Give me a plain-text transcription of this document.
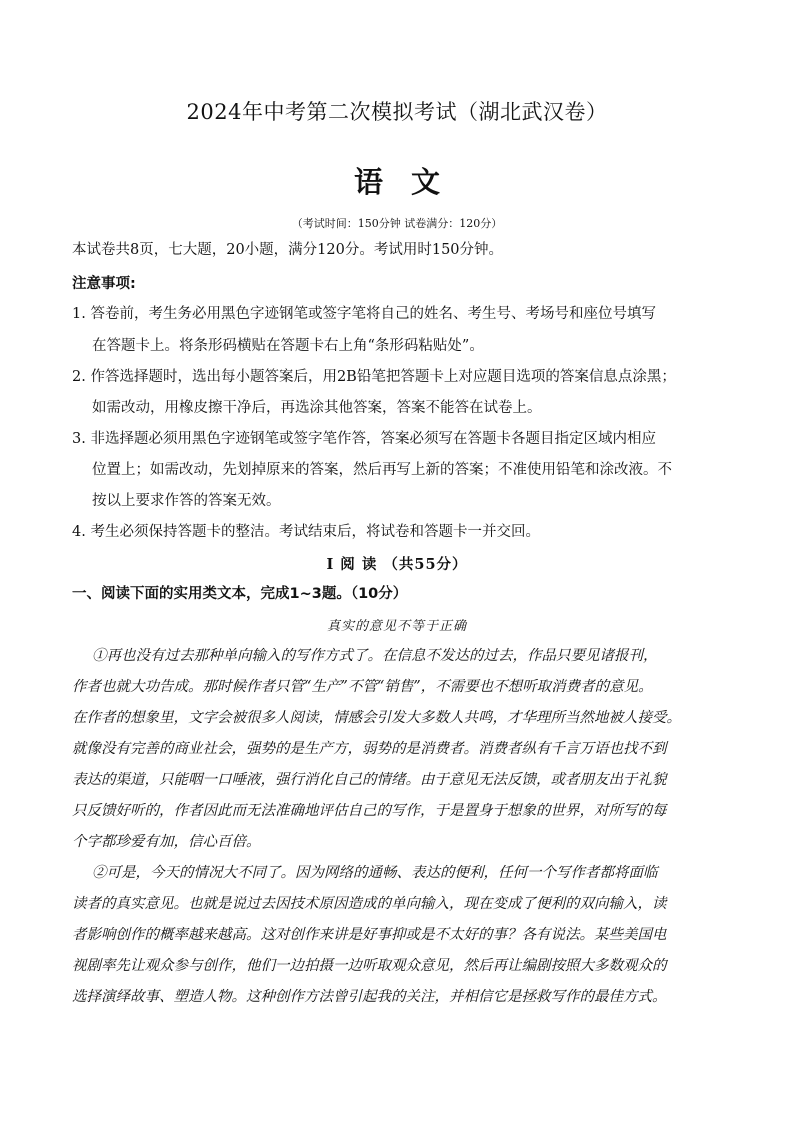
2024年中考第二次模拟考试（湖北武汉卷）
语文
（考试时间：150分钟 试卷满分：120分）
本试卷共8页，七大题，20小题，满分120分。考试用时150分钟。
注意事项:
1. 答卷前，考生务必用黑色字迹钢笔或签字笔将自己的姓名、考生号、考场号和座位号填写
在答题卡上。将条形码横贴在答题卡右上角“条形码粘贴处”。
2. 作答选择题时，选出每小题答案后，用2B铅笔把答题卡上对应题目选项的答案信息点涂黑；
如需改动，用橡皮擦干净后，再选涂其他答案，答案不能答在试卷上。
3. 非选择题必须用黑色字迹钢笔或签字笔作答，答案必须写在答题卡各题目指定区域内相应
位置上；如需改动，先划掉原来的答案，然后再写上新的答案；不准使用铅笔和涂改液。不
按以上要求作答的答案无效。
4. 考生必须保持答题卡的整洁。考试结束后，将试卷和答题卡一并交回。
Ⅰ 阅 读 （共55分）
一、阅读下面的实用类文本，完成1~3题。（10分）
真实的意见不等于正确
①再也没有过去那种单向输入的写作方式了。在信息不发达的过去，作品只要见诸报刊，
作者也就大功告成。那时候作者只管“生产”不管“销售”，不需要也不想听取消费者的意见。
在作者的想象里，文字会被很多人阅读，情感会引发大多数人共鸣，才华理所当然地被人接受。
就像没有完善的商业社会，强势的是生产方，弱势的是消费者。消费者纵有千言万语也找不到
表达的渠道，只能咽一口唾液，强行消化自己的情绪。由于意见无法反馈，或者朋友出于礼貌
只反馈好听的，作者因此而无法准确地评估自己的写作，于是置身于想象的世界，对所写的每
个字都珍爱有加，信心百倍。
②可是，今天的情况大不同了。因为网络的通畅、表达的便利，任何一个写作者都将面临
读者的真实意见。也就是说过去因技术原因造成的单向输入，现在变成了便利的双向输入，读
者影响创作的概率越来越高。这对创作来讲是好事抑或是不太好的事？各有说法。某些美国电
视剧率先让观众参与创作，他们一边拍摄一边听取观众意见，然后再让编剧按照大多数观众的
选择演绎故事、塑造人物。这种创作方法曾引起我的关注，并相信它是拯救写作的最佳方式。
